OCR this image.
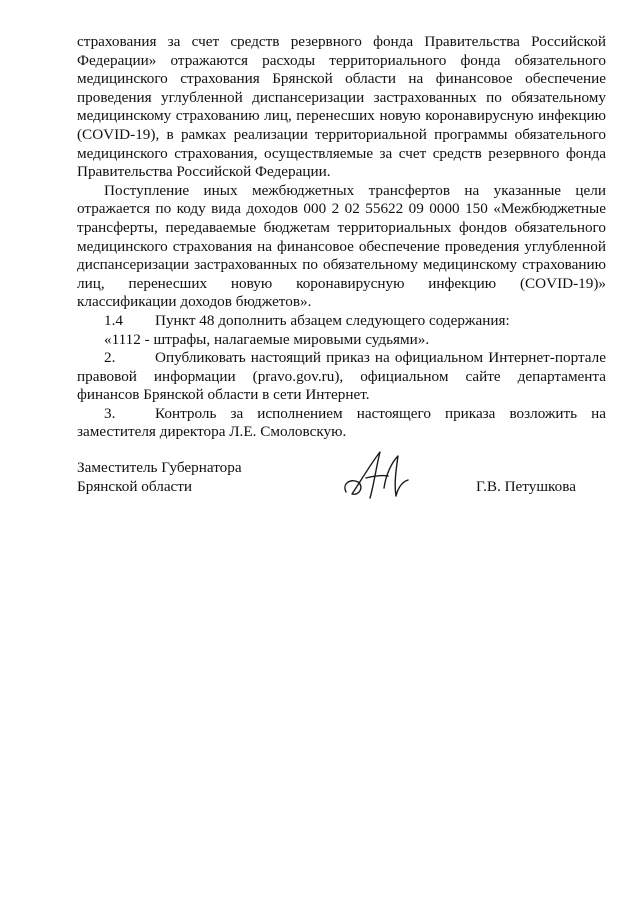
страхования за счет средств резервного фонда Правительства Российской Федерации» отражаются расходы территориального фонда обязательного медицинского страхования Брянской области на финансовое обеспечение проведения углубленной диспансеризации застрахованных по обязательному медицинскому страхованию лиц, перенесших новую коронавирусную инфекцию (COVID-19), в рамках реализации территориальной программы обязательного медицинского страхования, осуществляемые за счет средств резервного фонда Правительства Российской Федерации.

Поступление иных межбюджетных трансфертов на указанные цели отражается по коду вида доходов 000 2 02 55622 09 0000 150 «Межбюджетные трансферты, передаваемые бюджетам территориальных фондов обязательного медицинского страхования на финансовое обеспечение проведения углубленной диспансеризации застрахованных по обязательному медицинскому страхованию лиц, перенесших новую коронавирусную инфекцию (COVID-19)» классификации доходов бюджетов».

1.4	Пункт 48 дополнить абзацем следующего содержания:

«1112 - штрафы, налагаемые мировыми судьями».

2.	Опубликовать настоящий приказ на официальном Интернет-портале правовой информации (pravo.gov.ru), официальном сайте департамента финансов Брянской области в сети Интернет.

3.	Контроль за исполнением настоящего приказа возложить на заместителя директора Л.Е. Смоловскую.

Заместитель Губернатора
Брянской области	Г.В. Петушкова
